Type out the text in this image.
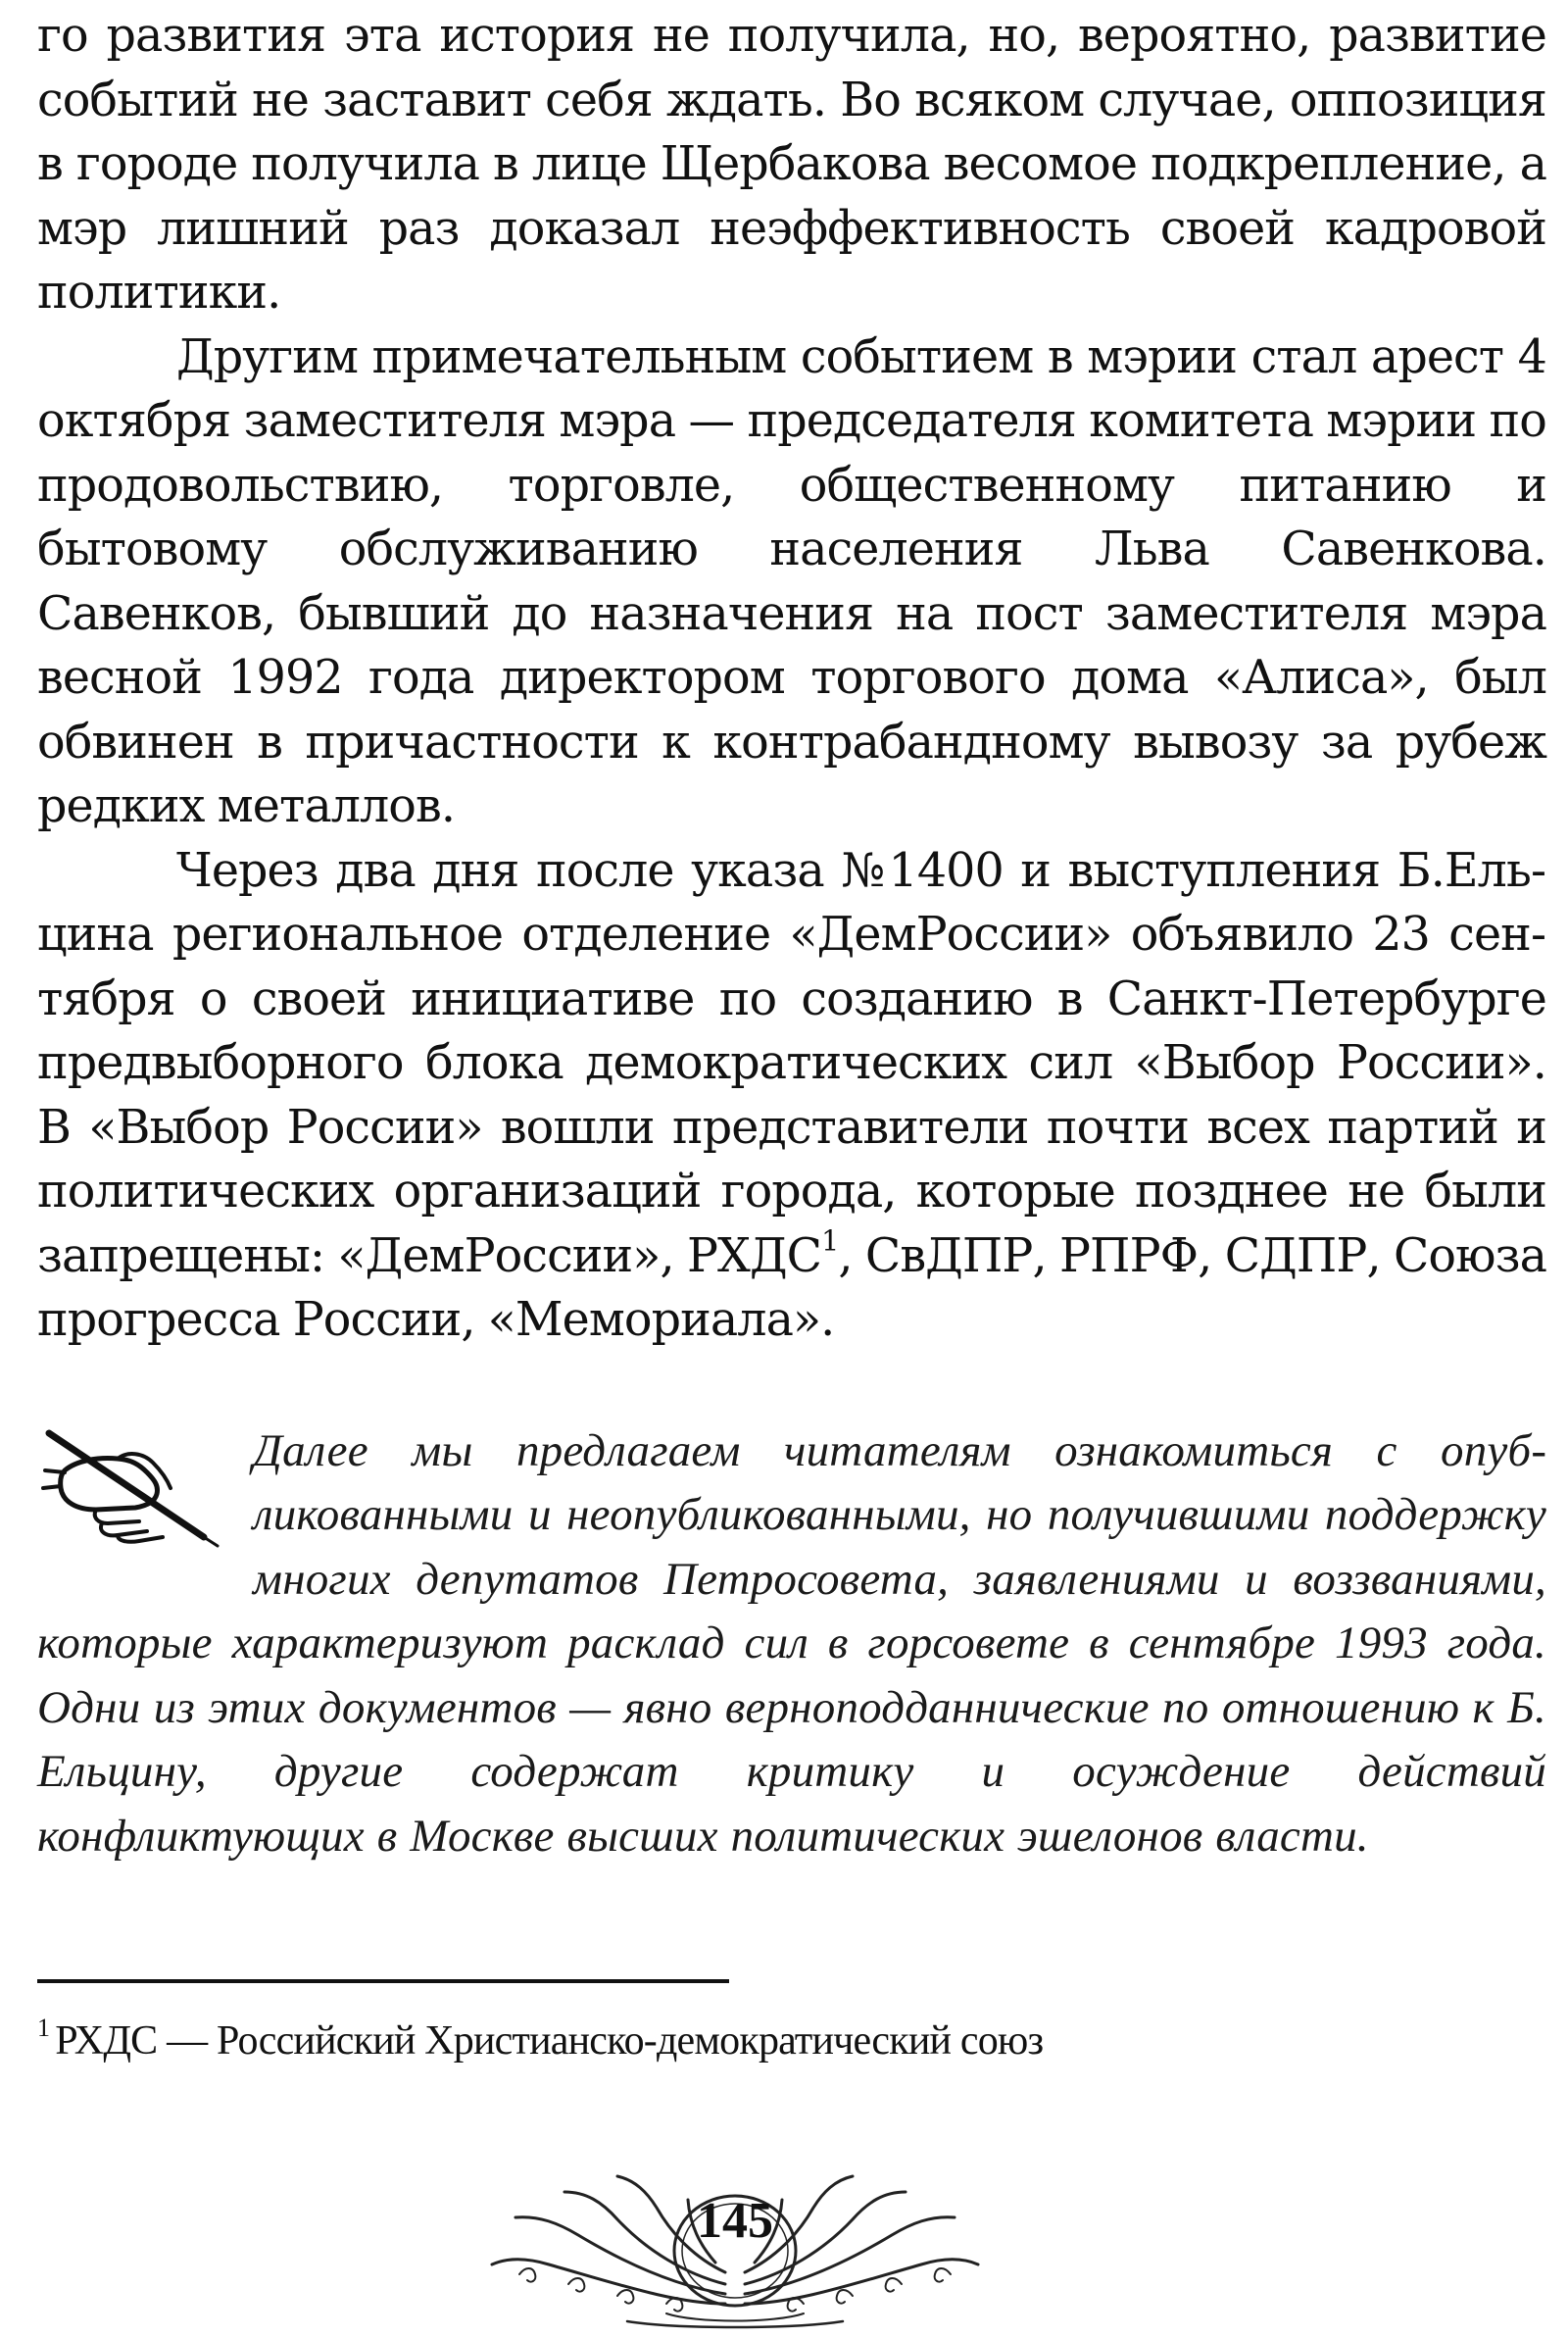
го развития эта история не получила, но, вероятно, развитие событий не заставит себя ждать. Во всяком случае, оппозиция в городе получила в лице Щербакова весомое подкрепление, а мэр лишний раз доказал неэффективность своей кадровой политики.

Другим примечательным событием в мэрии стал арест 4 октября заместителя мэра — председателя комитета мэрии по продовольствию, торговле, общественному питанию и бытовому обслуживанию населения Льва Савенкова. Савенков, бывший до назначения на пост заместителя мэра весной 1992 года директором торгового дома «Алиса», был обвинен в причастности к контрабандному вывозу за рубеж редких металлов.

Через два дня после указа №1400 и выступления Б.Ельцина региональное отделение «ДемРоссии» объявило 23 сентября о своей инициативе по созданию в Санкт-Петербурге предвыборного блока демократических сил «Выбор России». В «Выбор России» вошли представители почти всех партий и политических организаций города, которые позднее не были запрещены: «ДемРоссии», РХДС$^1$, СвДПР, РПРФ, СДПР, Союза прогресса России, «Мемориала».

Далее мы предлагаем читателям ознакомиться с опубликованными и неопубликованными, но получившими поддержку многих депутатов Петросовета, заявлениями и воззваниями, которые характеризуют расклад сил в горсовете в сентябре 1993 года. Одни из этих документов — явно верноподданнические по отношению к Б. Ельцину, другие содержат критику и осуждение действий конфликтующих в Москве высших политических эшелонов власти.

$^1$ РХДС — Российский Христианско-демократический союз

145
